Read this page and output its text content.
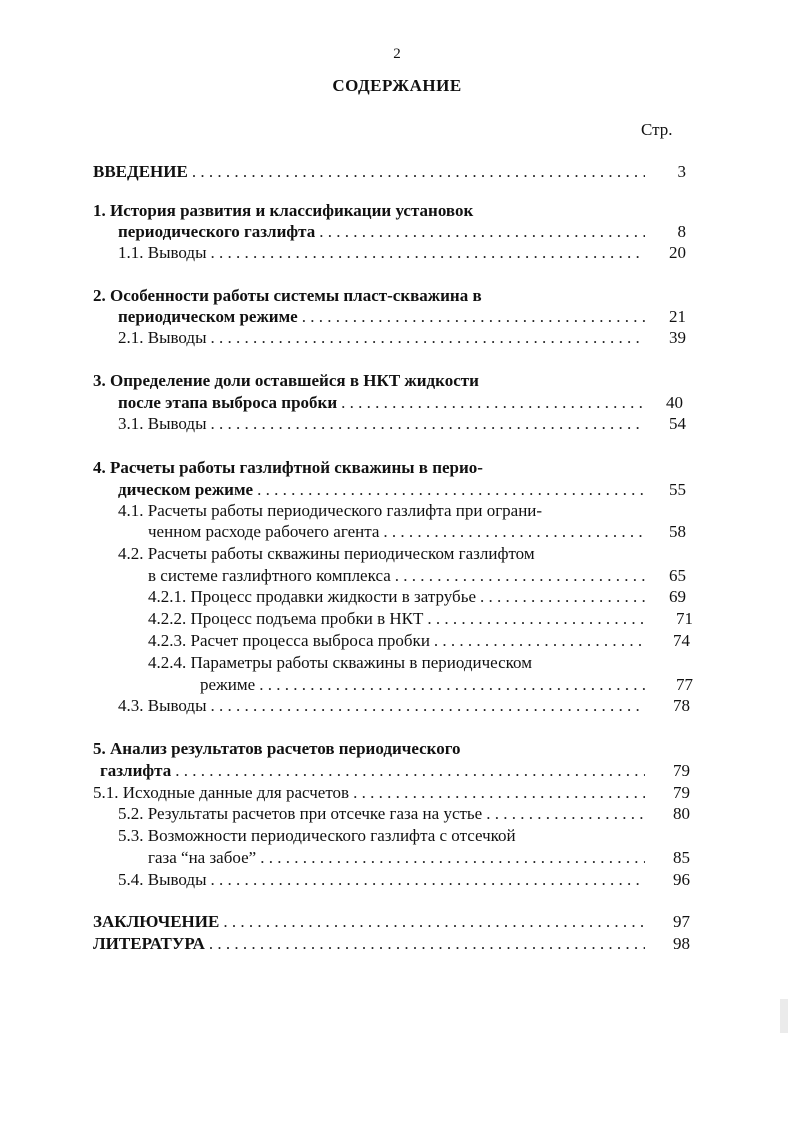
2
СОДЕРЖАНИЕ
Стр.
ВВЕДЕНИЕ . . .	3
1. История развития и классификации установок
периодического газлифта . . .	8
1.1. Выводы . . .	20
2. Особенности работы системы пласт-скважина в
периодическом режиме . . .	21
2.1. Выводы . . .	39
3. Определение доли оставшейся в НКТ жидкости
после этапа выброса пробки . . .	40
3.1. Выводы . . .	54
4. Расчеты работы газлифтной скважины в перио-
дическом режиме . . .	55
4.1. Расчеты работы периодического газлифта при ограни-
ченном расходе рабочего агента . . .	58
4.2. Расчеты работы скважины периодическом газлифтом
в системе газлифтного комплекса . . .	65
4.2.1. Процесс продавки жидкости в затрубье . . .	69
4.2.2. Процесс подъема пробки в НКТ . . .	71
4.2.3. Расчет процесса выброса пробки . . .	74
4.2.4. Параметры работы скважины в периодическом
режиме . . .	77
4.3. Выводы . . .	78
5. Анализ результатов расчетов периодического
газлифта . . .	79
5.1. Исходные данные для расчетов . . .	79
5.2. Результаты расчетов при отсечке газа на устье . . .	80
5.3. Возможности периодического газлифта с отсечкой
газа “на забое” . . .	85
5.4. Выводы . . .	96
ЗАКЛЮЧЕНИЕ . . .	97
ЛИТЕРАТУРА . . .	98
